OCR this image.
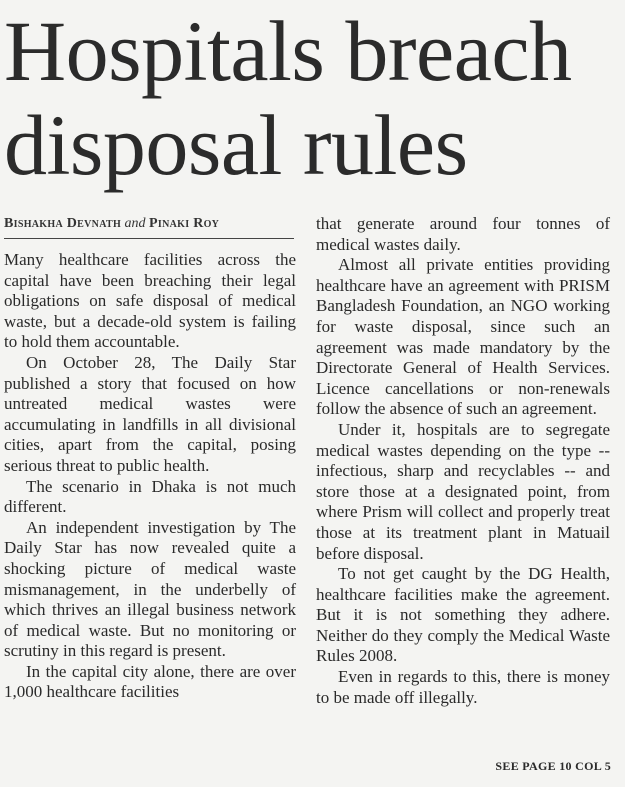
Hospitals breach
disposal rules
Bishakha Devnath and Pinaki Roy

Many healthcare facilities across the capital have been breaching their legal obligations on safe disposal of medical waste, but a decade-old system is failing to hold them accountable.

On October 28, The Daily Star published a story that focused on how untreated medical wastes were accumulating in landfills in all divisional cities, apart from the capital, posing serious threat to public health.

The scenario in Dhaka is not much different.

An independent investigation by The Daily Star has now revealed quite a shocking picture of medical waste mismanagement, in the underbelly of which thrives an illegal business network of medical waste. But no monitoring or scrutiny in this regard is present.

In the capital city alone, there are over 1,000 healthcare facilities

that generate around four tonnes of medical wastes daily.

Almost all private entities providing healthcare have an agreement with PRISM Bangladesh Foundation, an NGO working for waste disposal, since such an agreement was made mandatory by the Directorate General of Health Services. Licence cancellations or non-renewals follow the absence of such an agreement.

Under it, hospitals are to segregate medical wastes depending on the type -- infectious, sharp and recyclables -- and store those at a designated point, from where Prism will collect and properly treat those at its treatment plant in Matuail before disposal.

To not get caught by the DG Health, healthcare facilities make the agreement. But it is not something they adhere. Neither do they comply the Medical Waste Rules 2008.

Even in regards to this, there is money to be made off illegally.

SEE PAGE 10 COL 5
